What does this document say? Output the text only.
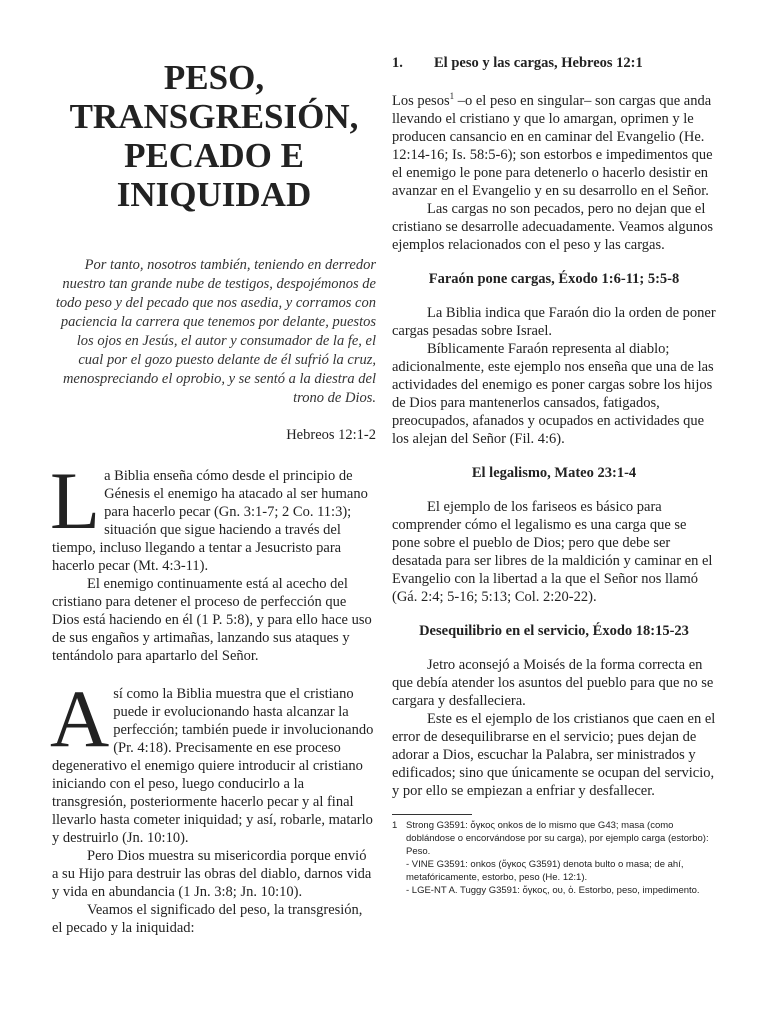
PESO,
TRANSGRESIÓN,
PECADO E
INIQUIDAD

Por tanto, nosotros también, teniendo en derredor nuestro tan grande nube de testigos, despojémonos de todo peso y del pecado que nos asedia, y corramos con paciencia la carrera que tenemos por delante, puestos los ojos en Jesús, el autor y consumador de la fe, el cual por el gozo puesto delante de él sufrió la cruz, menospreciando el oprobio, y se sentó a la diestra del trono de Dios.

Hebreos 12:1-2

La Biblia enseña cómo desde el principio de Génesis el enemigo ha atacado al ser humano para hacerlo pecar (Gn. 3:1-7; 2 Co. 11:3); situación que sigue haciendo a través del tiempo, incluso llegando a tentar a Jesucristo para hacerlo pecar (Mt. 4:3-11).

El enemigo continuamente está al acecho del cristiano para detener el proceso de perfección que Dios está haciendo en él (1 P. 5:8), y para ello hace uso de sus engaños y artimañas, lanzando sus ataques y tentándolo para apartarlo del Señor.

Así como la Biblia muestra que el cristiano puede ir evolucionando hasta alcanzar la perfección; también puede ir involucionando (Pr. 4:18). Precisamente en ese proceso degenerativo el enemigo quiere introducir al cristiano iniciando con el peso, luego conducirlo a la transgresión, posteriormente hacerlo pecar y al final llevarlo hasta cometer iniquidad; y así, robarle, matarlo y destruirlo (Jn. 10:10).

Pero Dios muestra su misericordia porque envió a su Hijo para destruir las obras del diablo, darnos vida y vida en abundancia (1 Jn. 3:8; Jn. 10:10).

Veamos el significado del peso, la transgresión, el pecado y la iniquidad:

1. El peso y las cargas, Hebreos 12:1

Los pesos$^1$ –o el peso en singular– son cargas que anda llevando el cristiano y que lo amargan, oprimen y le producen cansancio en en caminar del Evangelio (He. 12:14-16; Is. 58:5-6); son estorbos e impedimentos que el enemigo le pone para detenerlo o hacerlo desistir en avanzar en el Evangelio y en su desarrollo en el Señor.

Las cargas no son pecados, pero no dejan que el cristiano se desarrolle adecuadamente. Veamos algunos ejemplos relacionados con el peso y las cargas.

Faraón pone cargas, Éxodo 1:6-11; 5:5-8

La Biblia indica que Faraón dio la orden de poner cargas pesadas sobre Israel.

Bíblicamente Faraón representa al diablo; adicionalmente, este ejemplo nos enseña que una de las actividades del enemigo es poner cargas sobre los hijos de Dios para mantenerlos cansados, fatigados, preocupados, afanados y ocupados en actividades que los alejan del Señor (Fil. 4:6).

El legalismo, Mateo 23:1-4

El ejemplo de los fariseos es básico para comprender cómo el legalismo es una carga que se pone sobre el pueblo de Dios; pero que debe ser desatada para ser libres de la maldición y caminar en el Evangelio con la libertad a la que el Señor nos llamó (Gá. 2:4; 5-16; 5:13; Col. 2:20-22).

Desequilibrio en el servicio, Éxodo 18:15-23

Jetro aconsejó a Moisés de la forma correcta en que debía atender los asuntos del pueblo para que no se cargara y desfalleciera.

Este es el ejemplo de los cristianos que caen en el error de desequilibrarse en el servicio; pues dejan de adorar a Dios, escuchar la Palabra, ser ministrados y edificados; sino que únicamente se ocupan del servicio, y por ello se empiezan a enfriar y desfallecer.

1 Strong G3591: ὄγκος onkos de lo mismo que G43; masa (como doblándose o encorvándose por su carga), por ejemplo carga (estorbo): Peso.
- VINE G3591: onkos (ὄγκος G3591) denota bulto o masa; de ahí, metafóricamente, estorbo, peso (He. 12:1).
- LGE-NT A. Tuggy G3591: ὄγκος, ου, ὁ. Estorbo, peso, impedimento.
